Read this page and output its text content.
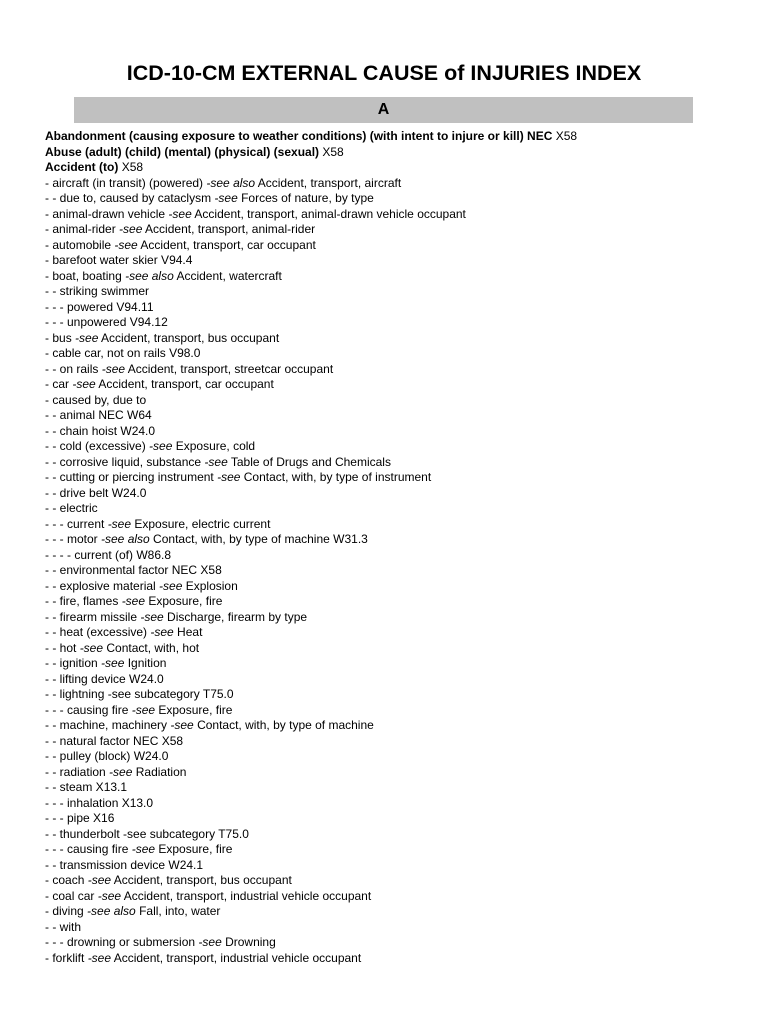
ICD-10-CM EXTERNAL CAUSE of INJURIES INDEX
A
Abandonment (causing exposure to weather conditions) (with intent to injure or kill) NEC X58
Abuse (adult) (child) (mental) (physical) (sexual) X58
Accident (to) X58
- aircraft (in transit) (powered) -see also Accident, transport, aircraft
- - due to, caused by cataclysm -see Forces of nature, by type
- animal-drawn vehicle -see Accident, transport, animal-drawn vehicle occupant
- animal-rider -see Accident, transport, animal-rider
- automobile -see Accident, transport, car occupant
- barefoot water skier V94.4
- boat, boating -see also Accident, watercraft
- - striking swimmer
- - - powered V94.11
- - - unpowered V94.12
- bus -see Accident, transport, bus occupant
- cable car, not on rails V98.0
- - on rails -see Accident, transport, streetcar occupant
- car -see Accident, transport, car occupant
- caused by, due to
- - animal NEC W64
- - chain hoist W24.0
- - cold (excessive) -see Exposure, cold
- - corrosive liquid, substance -see Table of Drugs and Chemicals
- - cutting or piercing instrument -see Contact, with, by type of instrument
- - drive belt W24.0
- - electric
- - - current -see Exposure, electric current
- - - motor -see also Contact, with, by type of machine W31.3
- - - - current (of) W86.8
- - environmental factor NEC X58
- - explosive material -see Explosion
- - fire, flames -see Exposure, fire
- - firearm missile -see Discharge, firearm by type
- - heat (excessive) -see Heat
- - hot -see Contact, with, hot
- - ignition -see Ignition
- - lifting device W24.0
- - lightning -see subcategory T75.0
- - - causing fire -see Exposure, fire
- - machine, machinery -see Contact, with, by type of machine
- - natural factor NEC X58
- - pulley (block) W24.0
- - radiation -see Radiation
- - steam X13.1
- - - inhalation X13.0
- - - pipe X16
- - thunderbolt -see subcategory T75.0
- - - causing fire -see Exposure, fire
- - transmission device W24.1
- coach -see Accident, transport, bus occupant
- coal car -see Accident, transport, industrial vehicle occupant
- diving -see also Fall, into, water
- - with
- - - drowning or submersion -see Drowning
- forklift -see Accident, transport, industrial vehicle occupant
